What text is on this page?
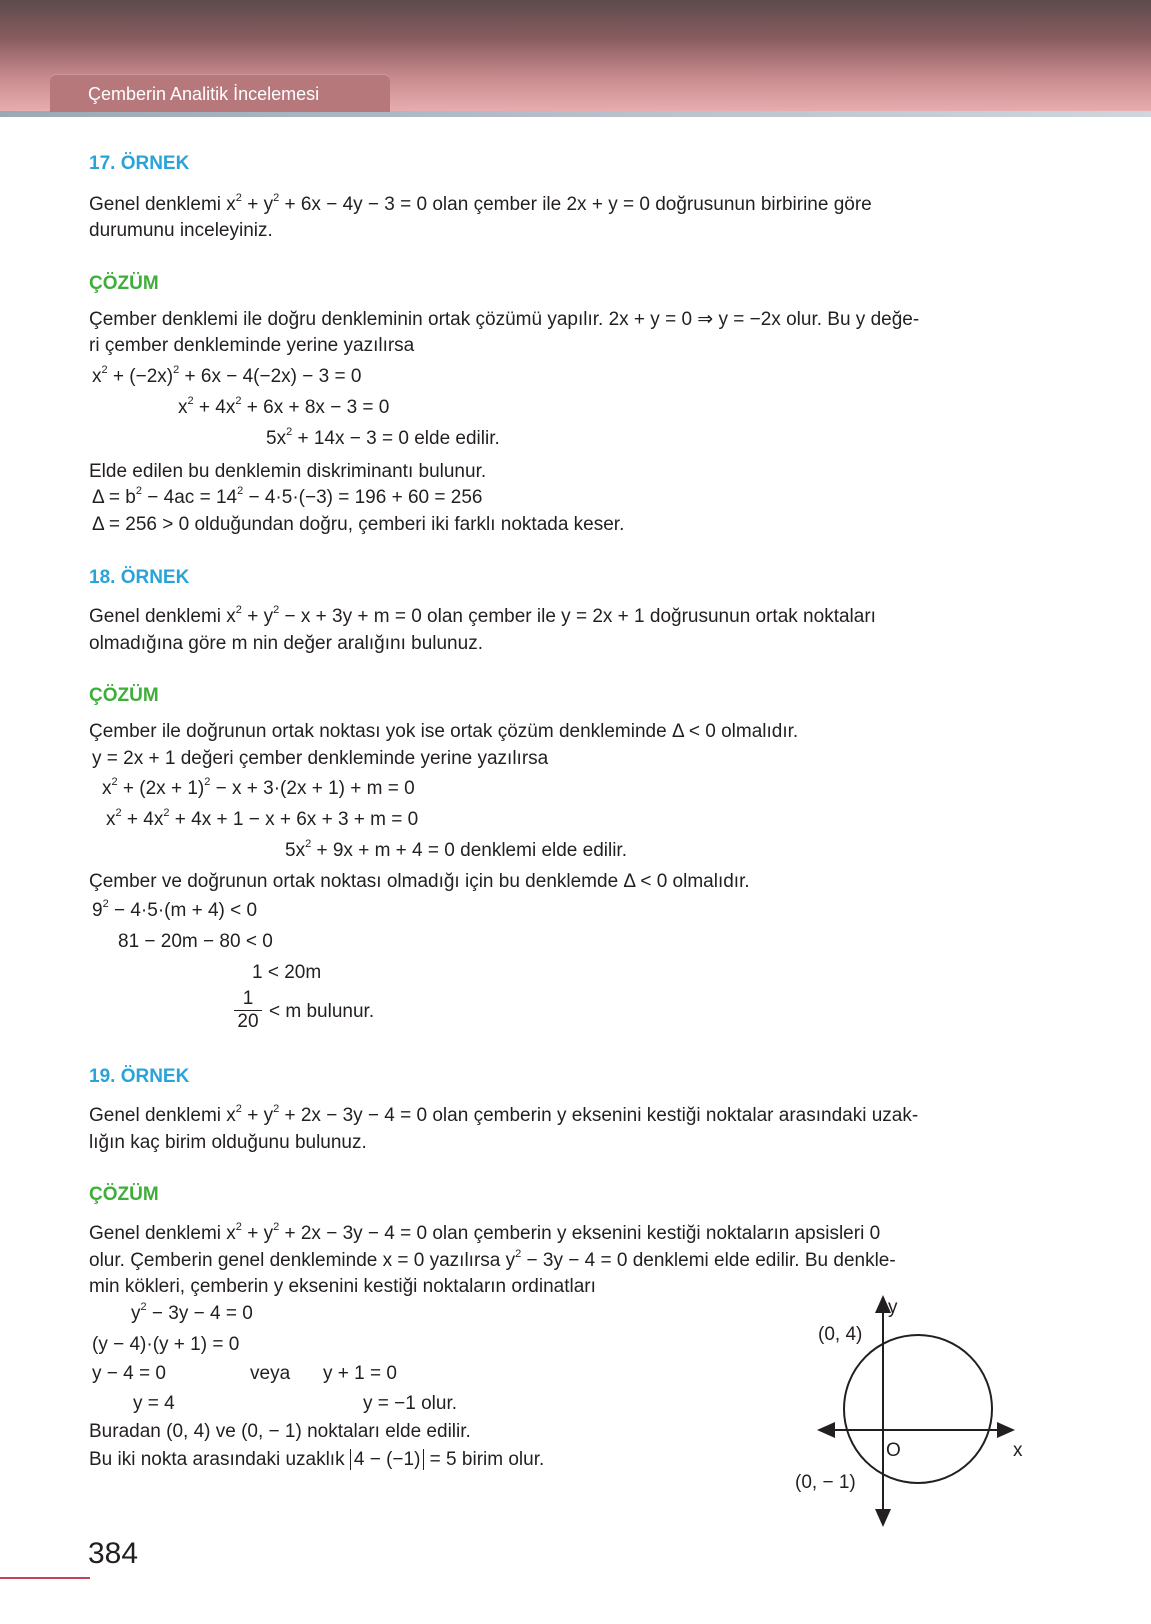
Çemberin Analitik İncelemesi
17. ÖRNEK
Genel denklemi $x^2 + y^2 + 6x - 4y - 3 = 0$ olan çember ile 2x + y = 0 doğrusunun birbirine göre
durumunu inceleyiniz.
ÇÖZÜM
Çember denklemi ile doğru denkleminin ortak çözümü yapılır. 2x + y = 0 ⇒ y = −2x olur. Bu y değe-
ri çember denkleminde yerine yazılırsa
$x^2 + (-2x)^2 + 6x - 4(-2x) - 3 = 0$
$x^2 + 4x^2 + 6x + 8x - 3 = 0$
$5x^2 + 14x - 3 = 0$ elde edilir.
Elde edilen bu denklemin diskriminantı bulunur.
$\Delta = b^2 - 4ac = 14^2 - 4\cdot 5\cdot(-3) = 196 + 60 = 256$
Δ = 256 > 0 olduğundan doğru, çemberi iki farklı noktada keser.
18. ÖRNEK
Genel denklemi $x^2 + y^2 - x + 3y + m = 0$ olan çember ile y = 2x + 1 doğrusunun ortak noktaları
olmadığına göre m nin değer aralığını bulunuz.
ÇÖZÜM
Çember ile doğrunun ortak noktası yok ise ortak çözüm denkleminde Δ < 0 olmalıdır.
y = 2x + 1 değeri çember denkleminde yerine yazılırsa
$x^2 + (2x + 1)^2 - x + 3\cdot(2x + 1) + m = 0$
$x^2 + 4x^2 + 4x + 1 - x + 6x + 3 + m = 0$
$5x^2 + 9x + m + 4 = 0$ denklemi elde edilir.
Çember ve doğrunun ortak noktası olmadığı için bu denklemde Δ < 0 olmalıdır.
$9^2 - 4\cdot 5\cdot(m + 4) < 0$
81 − 20m − 80 < 0
1 < 20m
$\frac{1}{20} < m$ bulunur.
19. ÖRNEK
Genel denklemi $x^2 + y^2 + 2x - 3y - 4 = 0$ olan çemberin y eksenini kestiği noktalar arasındaki uzak-
lığın kaç birim olduğunu bulunuz.
ÇÖZÜM
Genel denklemi $x^2 + y^2 + 2x - 3y - 4 = 0$ olan çemberin y eksenini kestiği noktaların apsisleri 0
olur. Çemberin genel denkleminde x = 0 yazılırsa $y^2 - 3y - 4 = 0$ denklemi elde edilir. Bu denkle-
min kökleri, çemberin y eksenini kestiği noktaların ordinatları
$y^2 - 3y - 4 = 0$
(y − 4)·(y + 1) = 0
y − 4 = 0	veya y + 1 = 0
y = 4	y = −1 olur.
Buradan (0, 4) ve (0, − 1) noktaları elde edilir.
Bu iki nokta arasındaki uzaklık 4 − (−1) = 5 birim olur.
y
x
O
(0, 4)
(0, − 1)
384
